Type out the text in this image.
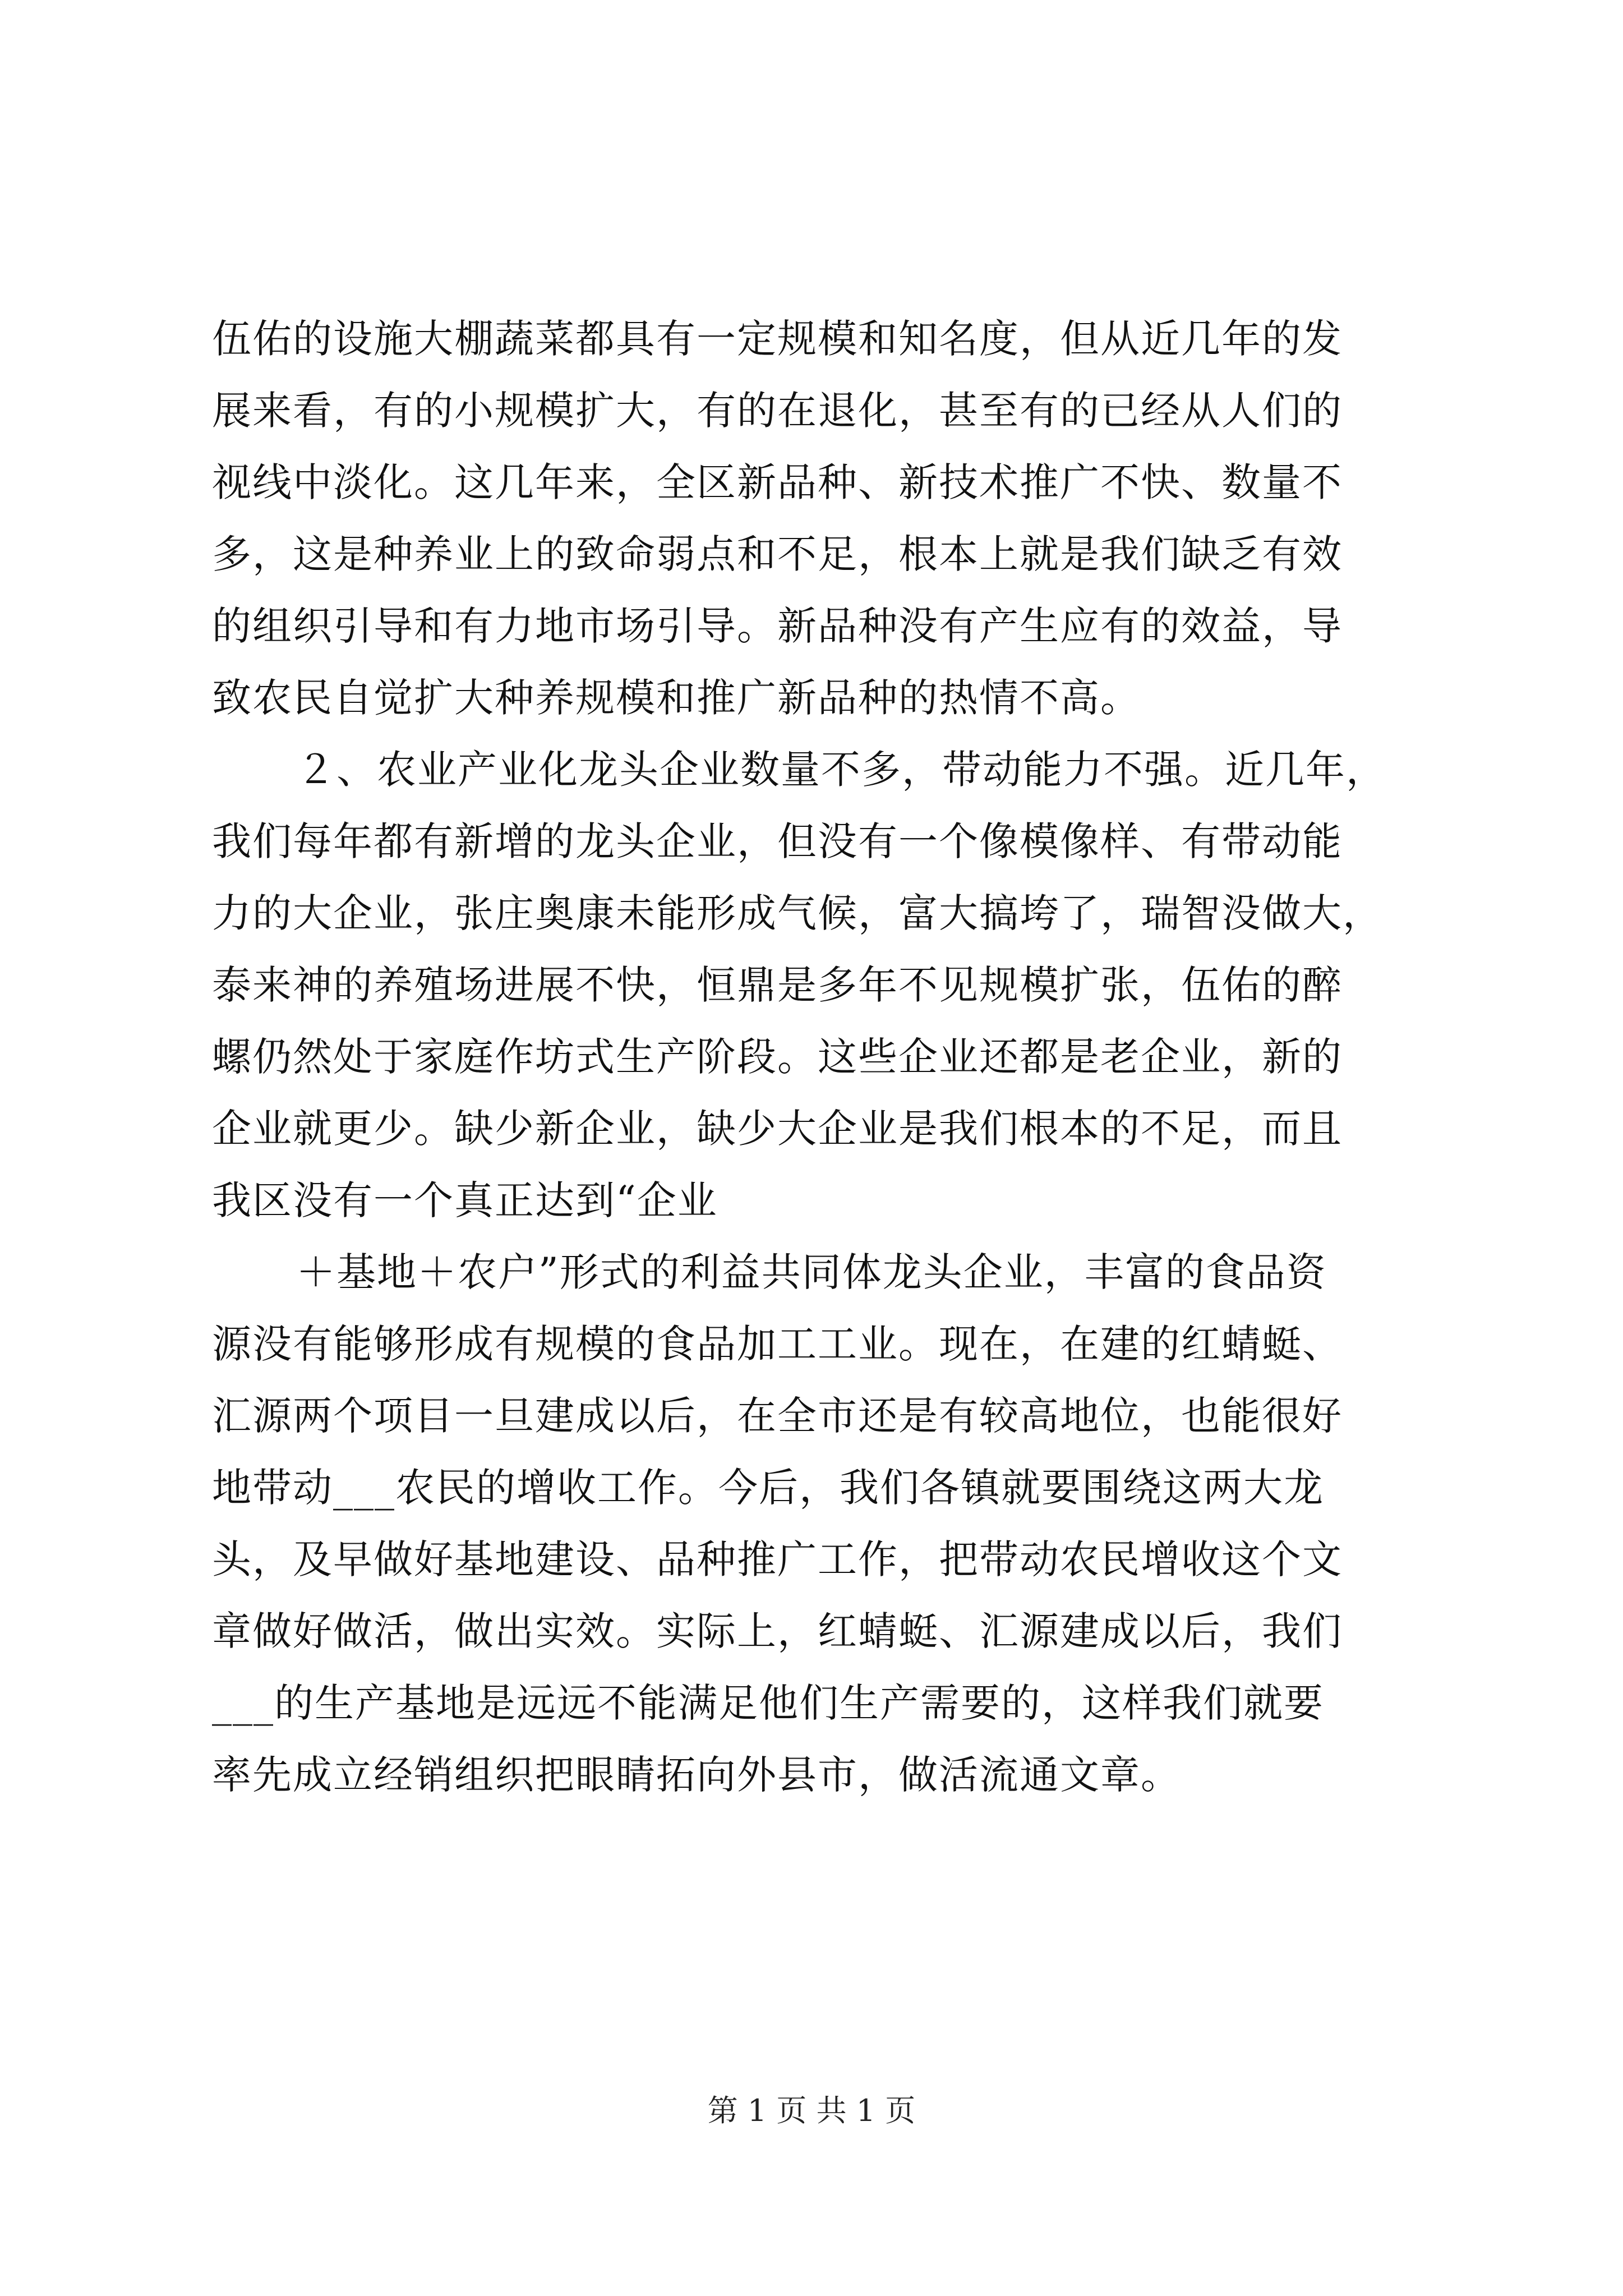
伍佑的设施大棚蔬菜都具有一定规模和知名度，但从近几年的发
展来看，有的小规模扩大，有的在退化，甚至有的已经从人们的
视线中淡化。这几年来，全区新品种、新技术推广不快、数量不
多，这是种养业上的致命弱点和不足，根本上就是我们缺乏有效
的组织引导和有力地市场引导。新品种没有产生应有的效益，导
致农民自觉扩大种养规模和推广新品种的热情不高。
２、农业产业化龙头企业数量不多，带动能力不强。近几年，
我们每年都有新增的龙头企业，但没有一个像模像样、有带动能
力的大企业，张庄奥康未能形成气候，富大搞垮了，瑞智没做大，
泰来神的养殖场进展不快，恒鼎是多年不见规模扩张，伍佑的醉
螺仍然处于家庭作坊式生产阶段。这些企业还都是老企业，新的
企业就更少。缺少新企业，缺少大企业是我们根本的不足，而且
我区没有一个真正达到“企业
＋基地＋农户”形式的利益共同体龙头企业，丰富的食品资
源没有能够形成有规模的食品加工工业。现在，在建的红蜻蜓、
汇源两个项目一旦建成以后，在全市还是有较高地位，也能很好
地带动___农民的增收工作。今后，我们各镇就要围绕这两大龙
头，及早做好基地建设、品种推广工作，把带动农民增收这个文
章做好做活，做出实效。实际上，红蜻蜓、汇源建成以后，我们
___的生产基地是远远不能满足他们生产需要的，这样我们就要
率先成立经销组织把眼睛拓向外县市，做活流通文章。
第 1 页 共 1 页
